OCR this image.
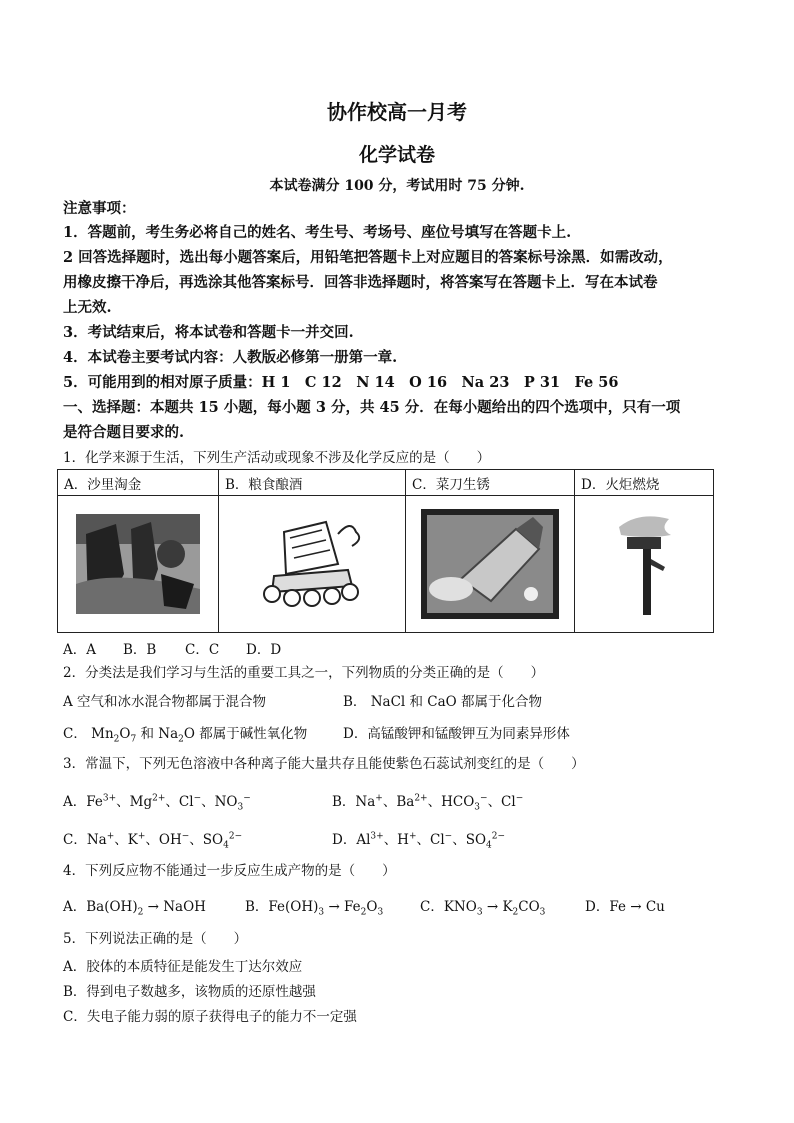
协作校高一月考
化学试卷
本试卷满分 100 分，考试用时 75 分钟.
注意事项：
1．答题前，考生务必将自己的姓名、考生号、考场号、座位号填写在答题卡上.
2 回答选择题时，选出每小题答案后，用铅笔把答题卡上对应题目的答案标号涂黑．如需改动，
用橡皮擦干净后，再选涂其他答案标号．回答非选择题时，将答案写在答题卡上．写在本试卷
上无效.
3．考试结束后，将本试卷和答题卡一并交回.
4．本试卷主要考试内容：人教版必修第一册第一章.
5．可能用到的相对原子质量：H 1　C 12　N 14　O 16　Na 23　P 31　Fe 56
一、选择题：本题共 15 小题，每小题 3 分，共 45 分．在每小题给出的四个选项中，只有一项
是符合题目要求的.
1．化学来源于生活，下列生产活动或现象不涉及化学反应的是（　　）
A．沙里淘金	B．粮食酿酒	C．菜刀生锈	D．火炬燃烧

A．A B．B C．C D．D
2．分类法是我们学习与生活的重要工具之一，下列物质的分类正确的是（　　）
A 空气和冰水混合物都属于混合物	B． NaCl 和 CaO 都属于化合物
C． $Mn_2O_7$ 和 $Na_2O$ 都属于碱性氧化物	D．高锰酸钾和锰酸钾互为同素异形体
3．常温下，下列无色溶液中各种离子能大量共存且能使紫色石蕊试剂变红的是（　　）
A．$Fe^{3+}$、$Mg^{2+}$、Cl−、$NO_3^-$	B．Na+、$Ba^{2+}$、$HCO_3^-$、Cl−
C．Na+、K+、OH−、$SO_4^{2-}$	D．$Al^{3+}$、H+、Cl−、$SO_4^{2-}$
4．下列反应物不能通过一步反应生成产物的是（　　）
A．$Ba(OH)_2$ → NaOH	B．$Fe(OH)_3 \to Fe_2O_3$	C．$KNO_3 \to K_2CO_3$	D．Fe → Cu
5．下列说法正确的是（　　）
A．胶体的本质特征是能发生丁达尔效应
B．得到电子数越多，该物质的还原性越强
C．失电子能力弱的原子获得电子的能力不一定强
